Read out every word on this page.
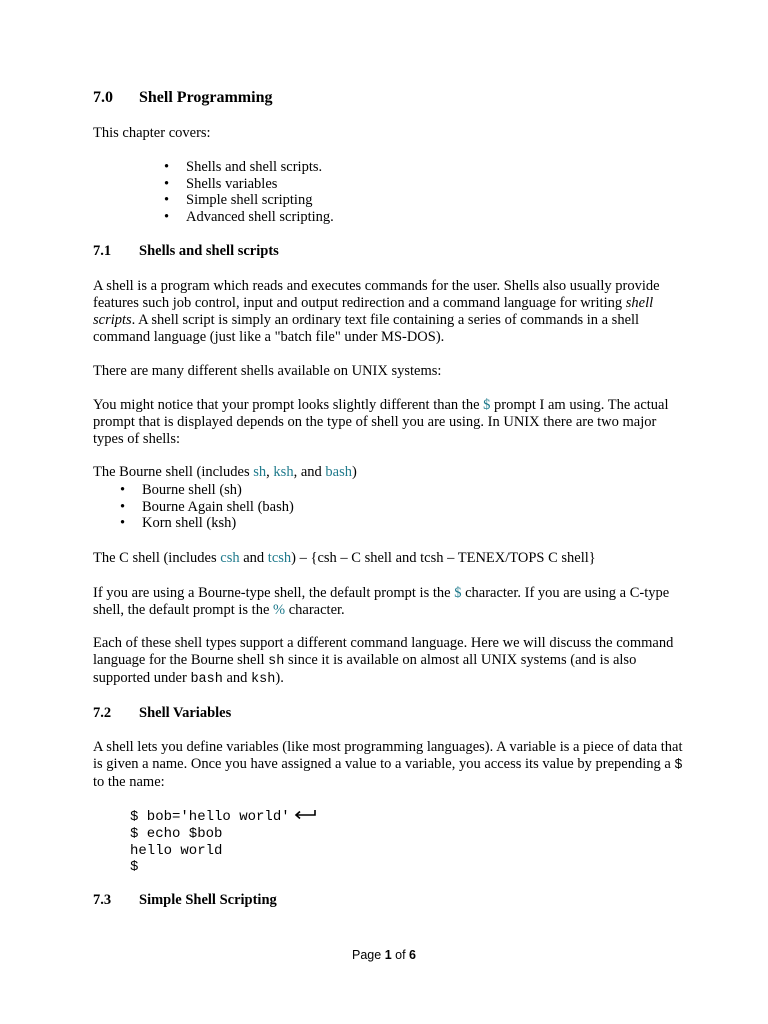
7.0 Shell Programming

This chapter covers:

• Shells and shell scripts.
• Shells variables
• Simple shell scripting
• Advanced shell scripting.
7.1 Shells and shell scripts

A shell is a program which reads and executes commands for the user. Shells also usually provide features such job control, input and output redirection and a command language for writing shell scripts. A shell script is simply an ordinary text file containing a series of commands in a shell command language (just like a "batch file" under MS-DOS).

There are many different shells available on UNIX systems:

You might notice that your prompt looks slightly different than the $ prompt I am using. The actual prompt that is displayed depends on the type of shell you are using. In UNIX there are two major types of shells:

The Bourne shell (includes sh, ksh, and bash)

• Bourne shell (sh)
• Bourne Again shell (bash)
• Korn shell (ksh)

The C shell (includes csh and tcsh) – {csh – C shell and tcsh – TENEX/TOPS C shell}

If you are using a Bourne-type shell, the default prompt is the $ character. If you are using a C-type shell, the default prompt is the % character.

Each of these shell types support a different command language. Here we will discuss the command language for the Bourne shell sh since it is available on almost all UNIX systems (and is also supported under bash and ksh).

7.2 Shell Variables

A shell lets you define variables (like most programming languages). A variable is a piece of data that is given a name. Once you have assigned a value to a variable, you access its value by prepending a $ to the name:

$ bob='hello world'
$ echo $bob
hello world
$
7.3 Simple Shell Scripting
Page 1 of 6
